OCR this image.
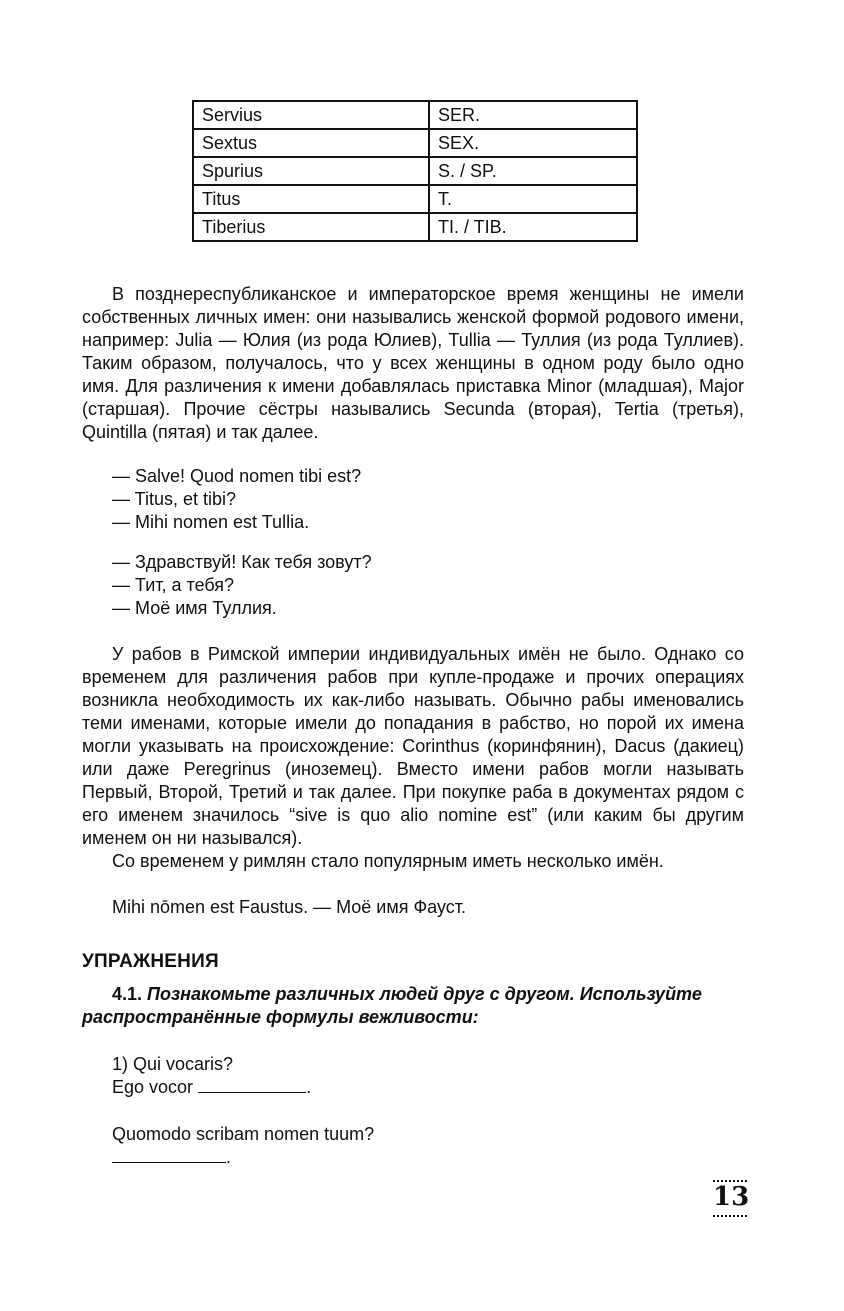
Servius	SER.
Sextus	SEX.
Spurius	S. / SP.
Titus	T.
Tiberius	TI. / TIB.

В позднереспубликанское и императорское время женщины не имели собственных личных имен: они назывались женской формой родового имени, например: Julia — Юлия (из рода Юлиев), Tullia — Туллия (из рода Туллиев). Таким образом, получалось, что у всех женщины в одном роду было одно имя. Для различения к имени добавлялась приставка Minor (младшая), Major (старшая). Прочие сёстры назывались Secunda (вторая), Tertia (третья), Quintilla (пятая) и так далее.

— Salve! Quod nomen tibi est?

— Titus, et tibi?

— Mihi nomen est Tullia.

— Здравствуй! Как тебя зовут?

— Тит, а тебя?

— Моё имя Туллия.

У рабов в Римской империи индивидуальных имён не было. Однако со временем для различения рабов при купле-продаже и прочих операциях возникла необходимость их как-либо называть. Обычно рабы именовались теми именами, которые имели до попадания в рабство, но порой их имена могли указывать на происхождение: Corinthus (коринфянин), Dacus (дакиец) или даже Peregrinus (иноземец). Вместо имени рабов могли называть Первый, Второй, Третий и так далее. При покупке раба в документах рядом с его именем значилось “sive is quo alio nomine est” (или каким бы другим именем он ни назывался).

Со временем у римлян стало популярным иметь несколько имён.

Mihi nōmen est Faustus. — Моё имя Фауст.

УПРАЖНЕНИЯ

4.1. Познакомьте различных людей друг с другом. Используйте распространённые формулы вежливости:

1) Qui vocaris?

Ego vocor	.

Quomodo scribam nomen tuum?

.

13
